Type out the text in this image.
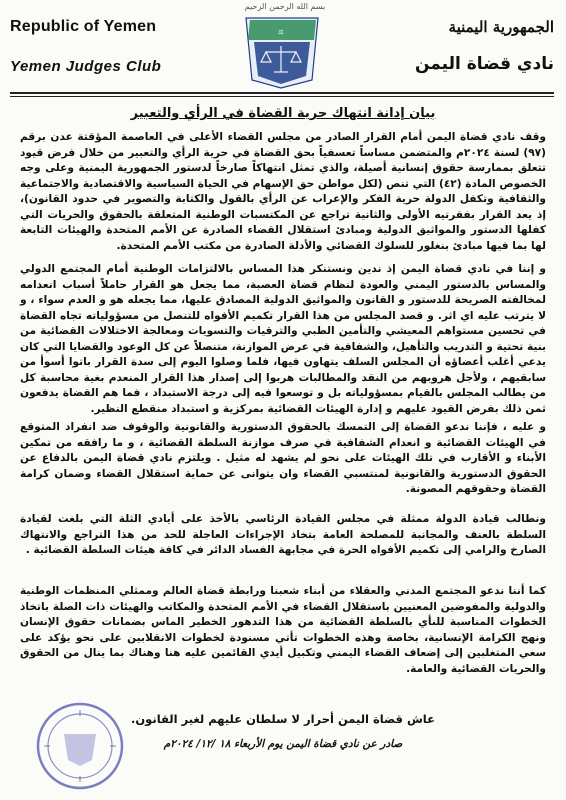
Republic of Yemen
Yemen Judges Club
بسم الله الرحمن الرحيم
⚖	الجمهورية اليمنية
نادي قضاة اليمن
بيان إدانة انتهاك حرية القضاة في الرأي والتعبير
وقف نادي قضاة اليمن أمام القرار الصادر من مجلس القضاء الأعلى في العاصمة المؤقتة عدن برقم (٩٧) لسنة ٢٠٢٤م والمتضمن مساساً تعسفياً بحق القضاة في حرية الرأي والتعبير من خلال فرض قيود تتعلق بممارسة حقوق إنسانية أصيلة، والذي تمثل انتهاكاً صارخاً لدستور الجمهورية اليمنية وعلى وجه الخصوص المادة (٤٢) التي تنص (لكل مواطن حق الإسهام في الحياة السياسية والاقتصادية والاجتماعية والثقافية وتكفل الدولة حرية الفكر والإعراب عن الرأي بالقول والكتابة والتصوير في حدود القانون)، إذ يعد القرار بفقرتيه الأولى والثانية تراجع عن المكتسبات الوطنية المتعلقة بالحقوق والحريات التي كفلها الدستور والمواثيق الدولية ومبادئ استقلال القضاء الصادرة عن الأمم المتحدة والهيئات التابعة لها بما فيها مبادئ بنغلور للسلوك القضائي والأدلة الصادرة من مكتب الأمم المتحدة.
و إننا في نادي قضاة اليمن إذ ندين ونستنكر هذا المساس بالالتزامات الوطنية أمام المجتمع الدولي والمساس بالدستور اليمني والعودة لنظام قضاة العصبة، مما يجعل هو القرار حاملاً أسباب انعدامه لمخالفته الصريحة للدستور و القانون والمواثيق الدولية المصادق عليها، مما يجعله هو و العدم سواء ، و لا يترتب عليه اي اثر. و قصد المجلس من هذا القرار تكميم الأفواه للتنصل من مسؤولياته تجاه القضاة في تحسين مستواهم المعيشي والتأمين الطبي والترقيات والتسويات ومعالجة الاختلالات القضائية من بنية تحتية و التدريب والتأهيل، والشفافية في عرض الموازنة، متنصلاً عن كل الوعود والقضايا التي كان يدعي أغلب أعضاؤه أن المجلس السلف يتهاون فيها، فلما وصلوا اليوم إلى سدة القرار باتوا أسوأ من سابقيهم ، ولأجل هروبهم من النقد والمطالبات هربوا إلى إصدار هذا القرار المنعدم بغية محاسبة كل من يطالب المجلس بالقيام بمسؤولياته بل و توسعوا فيه إلى درجة الاستبداد ، فما هم القضاة يدفعون ثمن ذلك بفرض القيود عليهم و إدارة الهيئات القضائية بمركزية و استبداد منقطع النظير.
و عليه ، فإننا ندعو القضاة إلى التمسك بالحقوق الدستورية والقانونية والوقوف ضد انفراد المتوقع في الهيئات القضائية و انعدام الشفافية في صرف موازنة السلطة القضائية ، و ما رافقه من تمكين الأبناء و الأقارب في تلك الهيئات على نحو لم يشهد له مثيل . ويلتزم نادي قضاة اليمن بالدفاع عن الحقوق الدستورية والقانونية لمنتسبي القضاء وان يتوانى عن حماية استقلال القضاء وضمان كرامة القضاة وحقوقهم المصونة.
ونطالب قيادة الدولة ممثلة في مجلس القيادة الرئاسي بالأخذ على أيادي الثلة التي بلغت لقيادة السلطة بالعنف والمجانبة للمصلحة العامة بتخاذ الإجراءات العاجلة للحد من هذا التراجع والانتهاك الصارخ والرامي إلى تكميم الأفواه الحرة في مجابهة الفساد الدائر في كافة هيئات السلطة القضائية .
كما أننا ندعو المجتمع المدني والعقلاء من أبناء شعبنا ورابطة قضاة العالم وممثلي المنظمات الوطنية والدولية والمفوضين المعنيين باستقلال القضاء في الأمم المتحدة والمكاتب والهيئات ذات الصلة باتخاذ الخطوات المناسبة للنأي بالسلطة القضائية من هذا التدهور الخطير الماس بضمانات حقوق الإنسان ونهج الكرامة الإنسانية، بخاصة وهذه الخطوات تأتي مسنودة لخطوات الانقلابين على نحو يؤكد على سعي المتغلبين إلى إضعاف القضاء اليمني وتكبيل أيدي القائمين عليه هنا وهناك بما ينال من الحقوق والحريات القضائية والعامة.
عاش قضاة اليمن أحرار لا سلطان عليهم لغير القانون.
صادر عن نادي قضاة اليمن يوم الأربعاء ١٨ /١٢/ ٢٠٢٤م
